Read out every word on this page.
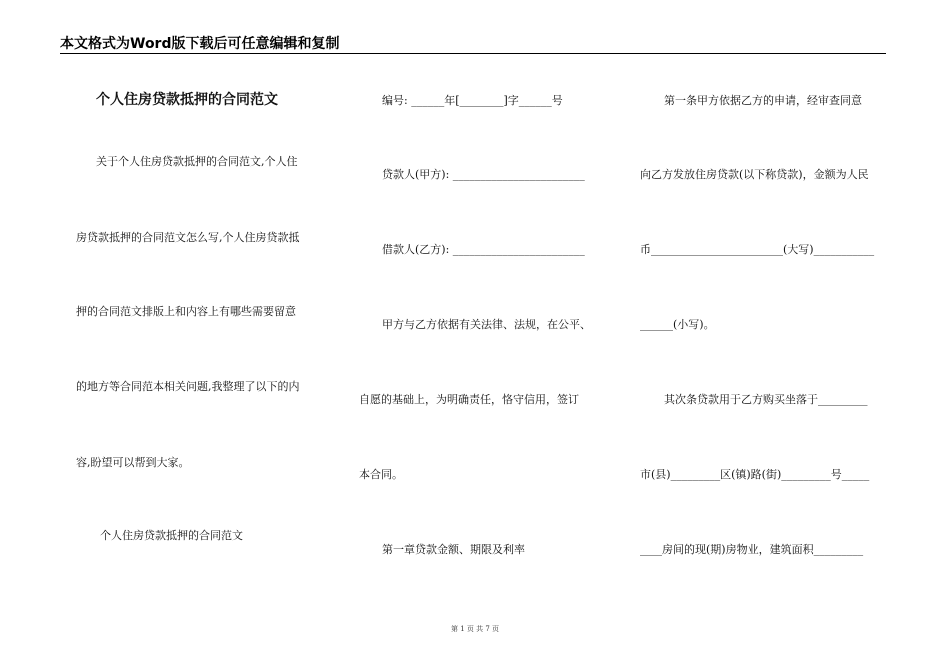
本文格式为Word版下载后可任意编辑和复制
个人住房贷款抵押的合同范文
关于个人住房贷款抵押的合同范文,个人住
房贷款抵押的合同范文怎么写,个人住房贷款抵
押的合同范文排版上和内容上有哪些需要留意
的地方等合同范本相关问题,我整理了以下的内
容,盼望可以帮到大家。
个人住房贷款抵押的合同范文
编号: ______年[________]字______号
贷款人(甲方): ________________________
借款人(乙方): ________________________
甲方与乙方依据有关法律、法规，在公平、
自愿的基础上，为明确责任，恪守信用，签订
本合同。
第一章贷款金额、期限及利率
第一条甲方依据乙方的申请，经审查同意
向乙方发放住房贷款(以下称贷款)，金额为人民
币________________________(大写)___________
______(小写)。
其次条贷款用于乙方购买坐落于_________
市(县)_________区(镇)路(街)_________号_____
____房间的现(期)房物业，建筑面积_________
第 1 页 共 7 页
